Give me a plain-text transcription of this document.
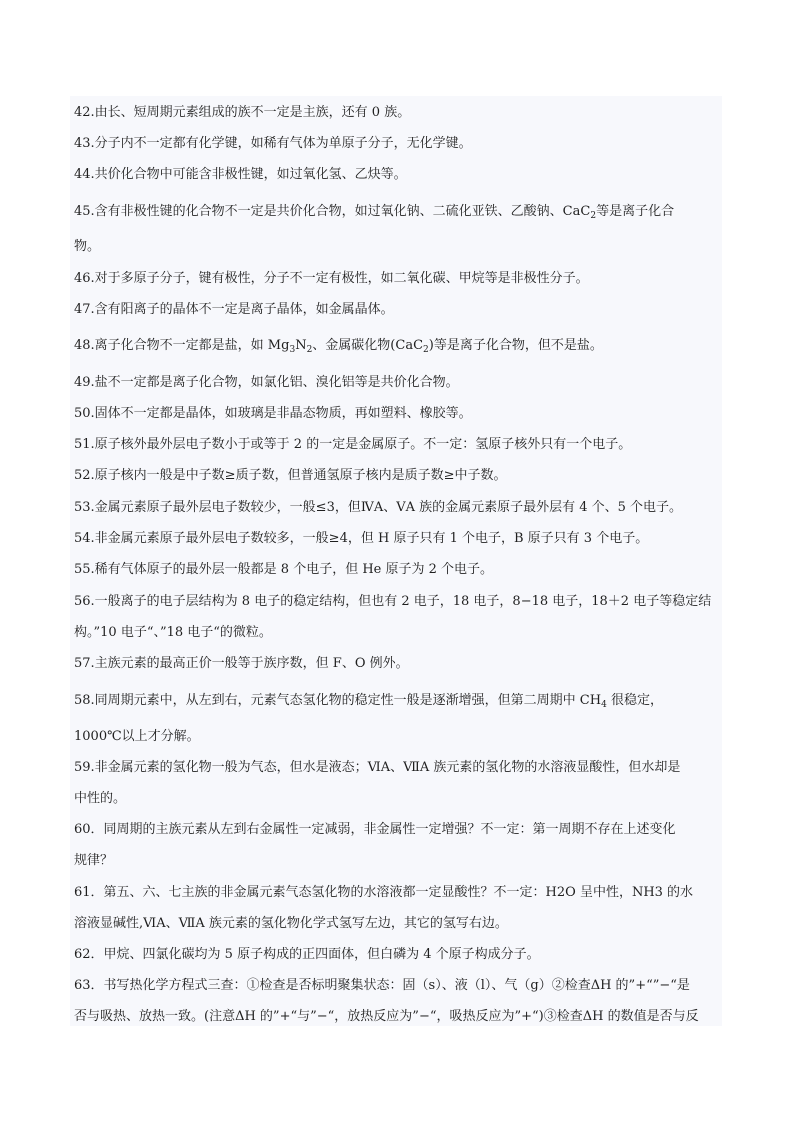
42.由长、短周期元素组成的族不一定是主族，还有 0 族。
43.分子内不一定都有化学键，如稀有气体为单原子分子，无化学键。
44.共价化合物中可能含非极性键，如过氧化氢、乙炔等。
45.含有非极性键的化合物不一定是共价化合物，如过氧化钠、二硫化亚铁、乙酸钠、CaC$_2$等是离子化合
物。
46.对于多原子分子，键有极性，分子不一定有极性，如二氧化碳、甲烷等是非极性分子。
47.含有阳离子的晶体不一定是离子晶体，如金属晶体。
48.离子化合物不一定都是盐，如 $Mg_3N_2$、金属碳化物(CaC$_2$)等是离子化合物，但不是盐。
49.盐不一定都是离子化合物，如氯化铝、溴化铝等是共价化合物。
50.固体不一定都是晶体，如玻璃是非晶态物质，再如塑料、橡胶等。
51.原子核外最外层电子数小于或等于 2 的一定是金属原子。不一定：氢原子核外只有一个电子。
52.原子核内一般是中子数≥质子数，但普通氢原子核内是质子数≥中子数。
53.金属元素原子最外层电子数较少，一般≤3，但ⅣA、ⅤA 族的金属元素原子最外层有 4 个、5 个电子。
54.非金属元素原子最外层电子数较多，一般≥4，但 H 原子只有 1 个电子，B 原子只有 3 个电子。
55.稀有气体原子的最外层一般都是 8 个电子，但 He 原子为 2 个电子。
56.一般离子的电子层结构为 8 电子的稳定结构，但也有 2 电子，18 电子，8−18 电子，18＋2 电子等稳定结
构。”10 电子“、”18 电子“的微粒。
57.主族元素的最高正价一般等于族序数，但 F、O 例外。
58.同周期元素中，从左到右，元素气态氢化物的稳定性一般是逐渐增强，但第二周期中 $CH_4$ 很稳定，
1000℃以上才分解。
59.非金属元素的氢化物一般为气态，但水是液态；ⅥA、ⅦA 族元素的氢化物的水溶液显酸性，但水却是
中性的。
60．同周期的主族元素从左到右金属性一定减弱，非金属性一定增强？不一定：第一周期不存在上述变化
规律？
61．第五、六、七主族的非金属元素气态氢化物的水溶液都一定显酸性？不一定：H2O 呈中性，NH3 的水
溶液显碱性,ⅥA、ⅦA 族元素的氢化物化学式氢写左边，其它的氢写右边。
62．甲烷、四氯化碳均为 5 原子构成的正四面体，但白磷为 4 个原子构成分子。
63．书写热化学方程式三查：①检查是否标明聚集状态：固（s）、液（l）、气（g）②检查ΔH 的”+“”−“是
否与吸热、放热一致。(注意ΔH 的”+“与”−“，放热反应为”−“，吸热反应为”+“)③检查ΔH 的数值是否与反
